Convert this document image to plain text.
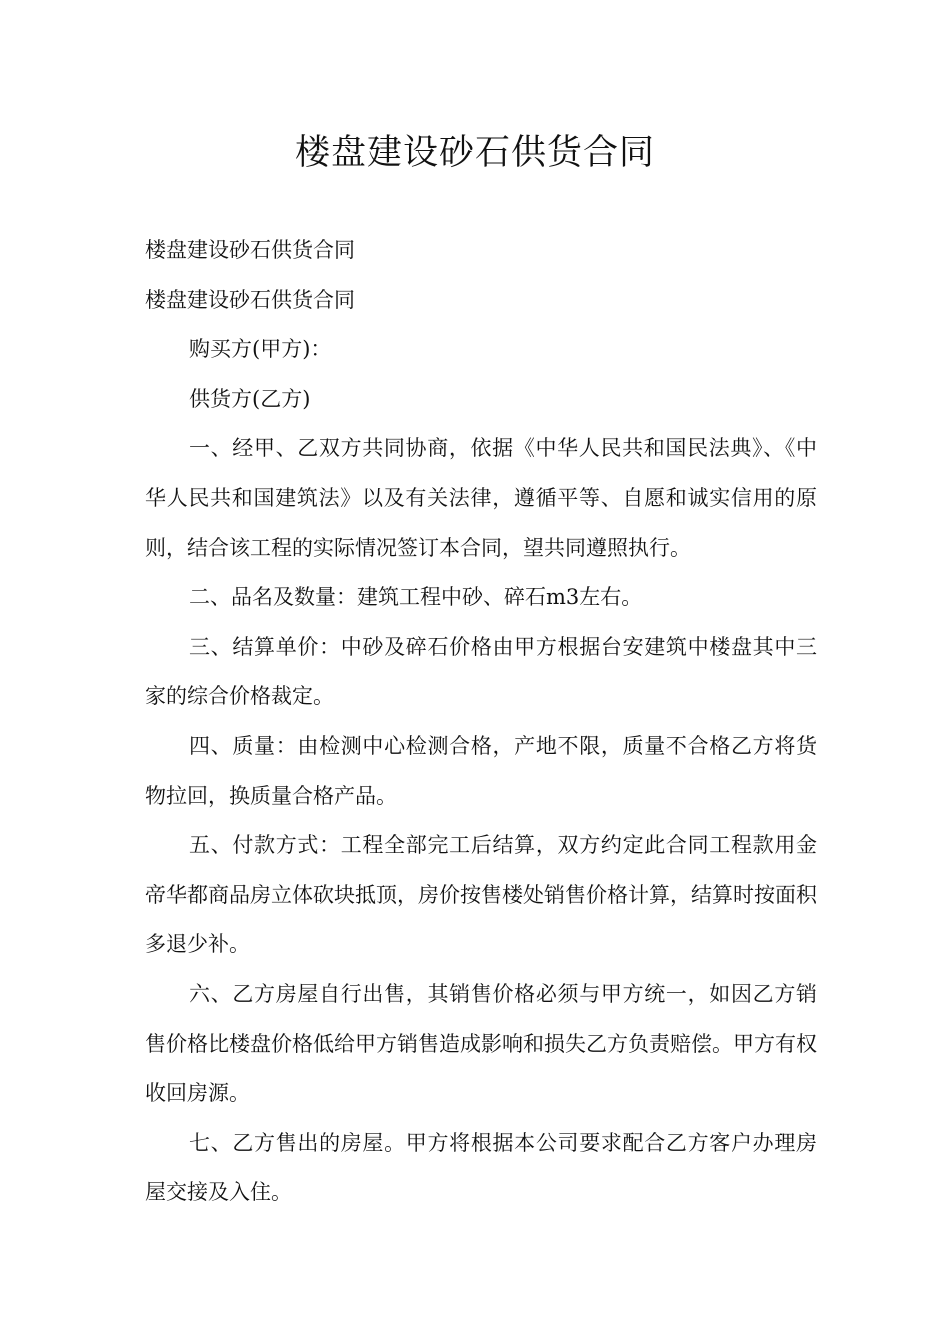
楼盘建设砂石供货合同

楼盘建设砂石供货合同

楼盘建设砂石供货合同

购买方(甲方)：

供货方(乙方)

一、经甲、乙双方共同协商，依据《中华人民共和国民法典》、《中华人民共和国建筑法》以及有关法律，遵循平等、自愿和诚实信用的原则，结合该工程的实际情况签订本合同，望共同遵照执行。

二、品名及数量：建筑工程中砂、碎石m3左右。

三、结算单价：中砂及碎石价格由甲方根据台安建筑中楼盘其中三家的综合价格裁定。

四、质量：由检测中心检测合格，产地不限，质量不合格乙方将货物拉回，换质量合格产品。

五、付款方式：工程全部完工后结算，双方约定此合同工程款用金帝华都商品房立体砍块抵顶，房价按售楼处销售价格计算，结算时按面积多退少补。

六、乙方房屋自行出售，其销售价格必须与甲方统一，如因乙方销售价格比楼盘价格低给甲方销售造成影响和损失乙方负责赔偿。甲方有权收回房源。

七、乙方售出的房屋。甲方将根据本公司要求配合乙方客户办理房屋交接及入住。
